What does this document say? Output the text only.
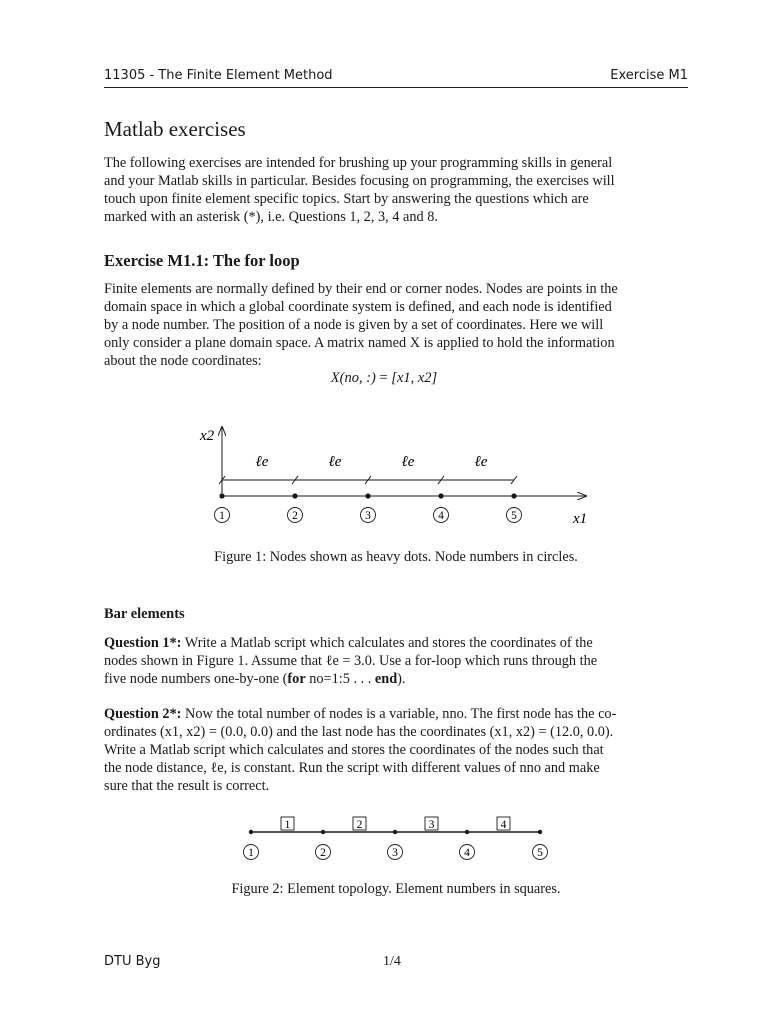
11305 - The Finite Element Method	Exercise M1
Matlab exercises
The following exercises are intended for brushing up your programming skills in general
and your Matlab skills in particular. Besides focusing on programming, the exercises will
touch upon finite element specific topics. Start by answering the questions which are
marked with an asterisk (*), i.e. Questions 1, 2, 3, 4 and 8.
Exercise M1.1: The for loop
Finite elements are normally defined by their end or corner nodes. Nodes are points in the
domain space in which a global coordinate system is defined, and each node is identified
by a node number. The position of a node is given by a set of coordinates. Here we will
only consider a plane domain space. A matrix named X is applied to hold the information
about the node coordinates:
X(no, :) = [x1, x2]
x2
x1
ℓe	ℓe	ℓe	ℓe
1	2	3	4	5
Figure 1: Nodes shown as heavy dots. Node numbers in circles.
Bar elements
Question 1*: Write a Matlab script which calculates and stores the coordinates of the
nodes shown in Figure 1. Assume that ℓe = 3.0. Use a for-loop which runs through the
five node numbers one-by-one (for no=1:5 . . . end).
Question 2*: Now the total number of nodes is a variable, nno. The first node has the co-
ordinates (x1, x2) = (0.0, 0.0) and the last node has the coordinates (x1, x2) = (12.0, 0.0).
Write a Matlab script which calculates and stores the coordinates of the nodes such that
the node distance, ℓe, is constant. Run the script with different values of nno and make
sure that the result is correct.
1	2	3	4
1	2	3	4	5
Figure 2: Element topology. Element numbers in squares.
DTU Byg	1/4
